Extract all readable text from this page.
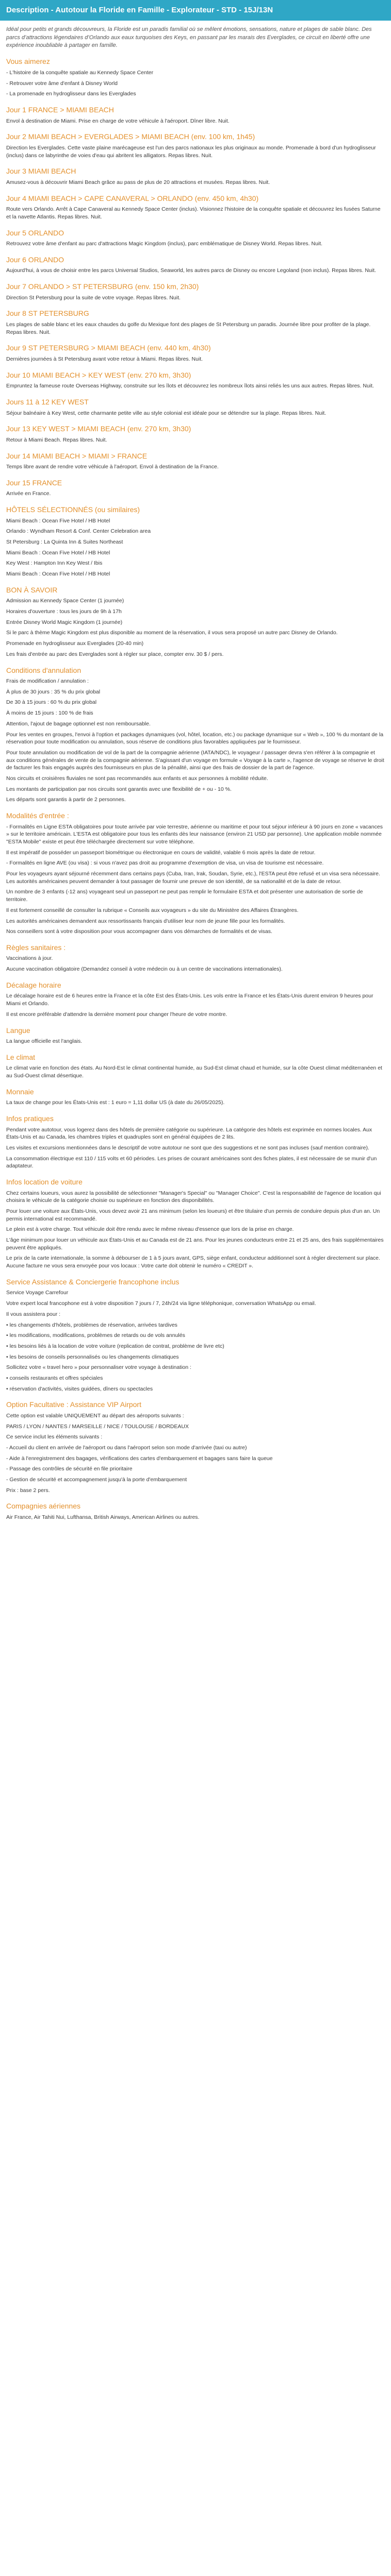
Description - Autotour la Floride en Famille - Explorateur - STD - 15J/13N

Idéal pour petits et grands découvreurs, la Floride est un paradis familial où se mêlent émotions, sensations, nature et plages de sable blanc. Des parcs d’attractions légendaires d’Orlando aux eaux turquoises des Keys, en passant par les marais des Everglades, ce circuit en liberté offre une expérience inoubliable à partager en famille.

Vous aimerez

- L'histoire de la conquête spatiale au Kennedy Space Center

- Retrouver votre âme d'enfant à Disney World

- La promenade en hydroglisseur dans les Everglades

Jour 1 FRANCE > MIAMI BEACH

Envol à destination de Miami. Prise en charge de votre véhicule à l'aéroport. Dîner libre. Nuit.

Jour 2 MIAMI BEACH > EVERGLADES > MIAMI BEACH (env. 100 km, 1h45)

Direction les Everglades. Cette vaste plaine marécageuse est l'un des parcs nationaux les plus originaux au monde. Promenade à bord d'un hydroglisseur (inclus) dans ce labyrinthe de voies d'eau qui abritent les alligators. Repas libres. Nuit.

Jour 3 MIAMI BEACH

Amusez-vous à découvrir Miami Beach grâce au pass de plus de 20 attractions et musées. Repas libres. Nuit.

Jour 4 MIAMI BEACH > CAPE CANAVERAL > ORLANDO (env. 450 km, 4h30)

Route vers Orlando. Arrêt à Cape Canaveral au Kennedy Space Center (inclus). Visionnez l'histoire de la conquête spatiale et découvrez les fusées Saturne et la navette Atlantis. Repas libres. Nuit.

Jour 5 ORLANDO

Retrouvez votre âme d'enfant au parc d'attractions Magic Kingdom (inclus), parc emblématique de Disney World. Repas libres. Nuit.

Jour 6 ORLANDO

Aujourd'hui, à vous de choisir entre les parcs Universal Studios, Seaworld, les autres parcs de Disney ou encore Legoland (non inclus). Repas libres. Nuit.

Jour 7 ORLANDO > ST PETERSBURG (env. 150 km, 2h30)

Direction St Petersburg pour la suite de votre voyage. Repas libres. Nuit.

Jour 8 ST PETERSBURG

Les plages de sable blanc et les eaux chaudes du golfe du Mexique font des plages de St Petersburg un paradis. Journée libre pour profiter de la plage. Repas libres. Nuit.

Jour 9 ST PETERSBURG > MIAMI BEACH (env. 440 km, 4h30)

Dernières journées à St Petersburg avant votre retour à Miami. Repas libres. Nuit.

Jour 10 MIAMI BEACH > KEY WEST (env. 270 km, 3h30)

Empruntez la fameuse route Overseas Highway, construite sur les îlots et découvrez les nombreux îlots ainsi reliés les uns aux autres. Repas libres. Nuit.

Jours 11 à 12 KEY WEST

Séjour balnéaire à Key West, cette charmante petite ville au style colonial est idéale pour se détendre sur la plage. Repas libres. Nuit.

Jour 13 KEY WEST > MIAMI BEACH (env. 270 km, 3h30)

Retour à Miami Beach. Repas libres. Nuit.

Jour 14 MIAMI BEACH > MIAMI > FRANCE

Temps libre avant de rendre votre véhicule à l'aéroport. Envol à destination de la France.

Jour 15 FRANCE

Arrivée en France.

HÔTELS SÉLECTIONNÉS (ou similaires)

Miami Beach : Ocean Five Hotel / HB Hotel

Orlando : Wyndham Resort & Conf. Center Celebration area

St Petersburg : La Quinta Inn & Suites Northeast

Miami Beach : Ocean Five Hotel / HB Hotel

Key West : Hampton Inn Key West / Ibis

Miami Beach : Ocean Five Hotel / HB Hotel

BON À SAVOIR

Admission au Kennedy Space Center (1 journée)

Horaires d'ouverture : tous les jours de 9h à 17h

Entrée Disney World Magic Kingdom (1 journée)

Si le parc à thème Magic Kingdom est plus disponible au moment de la réservation, il vous sera proposé un autre parc Disney de Orlando.

Promenade en hydroglisseur aux Everglades (20-40 min)

Les frais d'entrée au parc des Everglades sont à régler sur place, compter env. 30 $ / pers.

Conditions d'annulation

Frais de modification / annulation :

À plus de 30 jours : 35 % du prix global

De 30 à 15 jours : 60 % du prix global

À moins de 15 jours : 100 % de frais

Attention, l'ajout de bagage optionnel est non remboursable.

Pour les ventes en groupes, l'envoi à l'option et packages dynamiques (vol, hôtel, location, etc.) ou package dynamique sur « Web », 100 % du montant de la réservation pour toute modification ou annulation, sous réserve de conditions plus favorables appliquées par le fournisseur.

Pour toute annulation ou modification de vol de la part de la compagnie aérienne (IATA/NDC), le voyageur / passager devra s'en référer à la compagnie et aux conditions générales de vente de la compagnie aérienne. S'agissant d'un voyage en formule « Voyage à la carte », l'agence de voyage se réserve le droit de facturer les frais engagés auprès des fournisseurs en plus de la pénalité, ainsi que des frais de dossier de la part de l'agence.

Nos circuits et croisières fluviales ne sont pas recommandés aux enfants et aux personnes à mobilité réduite.

Les montants de participation par nos circuits sont garantis avec une flexibilité de + ou - 10 %.

Les départs sont garantis à partir de 2 personnes.

Modalités d'entrée :

- Formalités en Ligne ESTA obligatoires pour toute arrivée par voie terrestre, aérienne ou maritime et pour tout séjour inférieur à 90 jours en zone « vacances » sur le territoire américain. L'ESTA est obligatoire pour tous les enfants dès leur naissance (environ 21 USD par personne). Une application mobile nommée "ESTA Mobile" existe et peut être téléchargée directement sur votre téléphone.

Il est impératif de posséder un passeport biométrique ou électronique en cours de validité, valable 6 mois après la date de retour.

- Formalités en ligne AVE (ou visa) : si vous n'avez pas droit au programme d'exemption de visa, un visa de tourisme est nécessaire.

Pour les voyageurs ayant séjourné récemment dans certains pays (Cuba, Iran, Irak, Soudan, Syrie, etc.), l'ESTA peut être refusé et un visa sera nécessaire. Les autorités américaines peuvent demander à tout passager de fournir une preuve de son identité, de sa nationalité et de la date de retour.

Un nombre de 3 enfants (-12 ans) voyageant seul un passeport ne peut pas remplir le formulaire ESTA et doit présenter une autorisation de sortie de territoire.

Il est fortement conseillé de consulter la rubrique « Conseils aux voyageurs » du site du Ministère des Affaires Étrangères.

Les autorités américaines demandent aux ressortissants français d'utiliser leur nom de jeune fille pour les formalités.

Nos conseillers sont à votre disposition pour vous accompagner dans vos démarches de formalités et de visas.

Règles sanitaires :

Vaccinations à jour.

Aucune vaccination obligatoire (Demandez conseil à votre médecin ou à un centre de vaccinations internationales).

Décalage horaire

Le décalage horaire est de 6 heures entre la France et la côte Est des États-Unis. Les vols entre la France et les États-Unis durent environ 9 heures pour Miami et Orlando.

Il est encore préférable d'attendre la dernière moment pour changer l'heure de votre montre.

Langue

La langue officielle est l'anglais.

Le climat

Le climat varie en fonction des états. Au Nord-Est le climat continental humide, au Sud-Est climat chaud et humide, sur la côte Ouest climat méditerranéen et au Sud-Ouest climat désertique.

Monnaie

La taux de change pour les États-Unis est : 1 euro = 1,11 dollar US (à date du 26/05/2025).

Infos pratiques

Pendant votre autotour, vous logerez dans des hôtels de première catégorie ou supérieure. La catégorie des hôtels est exprimée en normes locales. Aux États-Unis et au Canada, les chambres triples et quadruples sont en général équipées de 2 lits.

Les visites et excursions mentionnées dans le descriptif de votre autotour ne sont que des suggestions et ne sont pas incluses (sauf mention contraire).

La consommation électrique est 110 / 115 volts et 60 périodes. Les prises de courant américaines sont des fiches plates, il est nécessaire de se munir d'un adaptateur.

Infos location de voiture

Chez certains loueurs, vous aurez la possibilité de sélectionner "Manager's Special" ou "Manager Choice". C'est la responsabilité de l'agence de location qui choisira le véhicule de la catégorie choisie ou supérieure en fonction des disponibilités.

Pour louer une voiture aux États-Unis, vous devez avoir 21 ans minimum (selon les loueurs) et être titulaire d'un permis de conduire depuis plus d'un an. Un permis international est recommandé.

Le plein est à votre charge. Tout véhicule doit être rendu avec le même niveau d'essence que lors de la prise en charge.

L'âge minimum pour louer un véhicule aux États-Unis et au Canada est de 21 ans. Pour les jeunes conducteurs entre 21 et 25 ans, des frais supplémentaires peuvent être appliqués.

Le prix de la carte internationale, la somme à débourser de 1 à 5 jours avant, GPS, siège enfant, conducteur additionnel sont à régler directement sur place. Aucune facture ne vous sera envoyée pour vos locaux : Votre carte doit obtenir le numéro « CREDIT ».

Service Assistance & Conciergerie francophone inclus

Service Voyage Carrefour

Votre expert local francophone est à votre disposition 7 jours / 7, 24h/24 via ligne téléphonique, conversation WhatsApp ou email.

Il vous assistera pour :

• les changements d'hôtels, problèmes de réservation, arrivées tardives

• les modifications, modifications, problèmes de retards ou de vols annulés

• les besoins liés à la location de votre voiture (replication de contrat, problème de livre etc)

• les besoins de conseils personnalisés ou les changements climatiques

Sollicitez votre « travel hero » pour personnaliser votre voyage à destination :

• conseils restaurants et offres spéciales

• réservation d'activités, visites guidées, dîners ou spectacles

Option Facultative : Assistance VIP Airport

Cette option est valable UNIQUEMENT au départ des aéroports suivants :

PARIS / LYON / NANTES / MARSEILLE / NICE / TOULOUSE / BORDEAUX

Ce service inclut les éléments suivants :

- Accueil du client en arrivée de l'aéroport ou dans l'aéroport selon son mode d'arrivée (taxi ou autre)

- Aide à l'enregistrement des bagages, vérifications des cartes d'embarquement et bagages sans faire la queue

- Passage des contrôles de sécurité en file prioritaire

- Gestion de sécurité et accompagnement jusqu'à la porte d'embarquement

Prix : base 2 pers.

Compagnies aériennes

Air France, Air Tahiti Nui, Lufthansa, British Airways, American Airlines ou autres.
